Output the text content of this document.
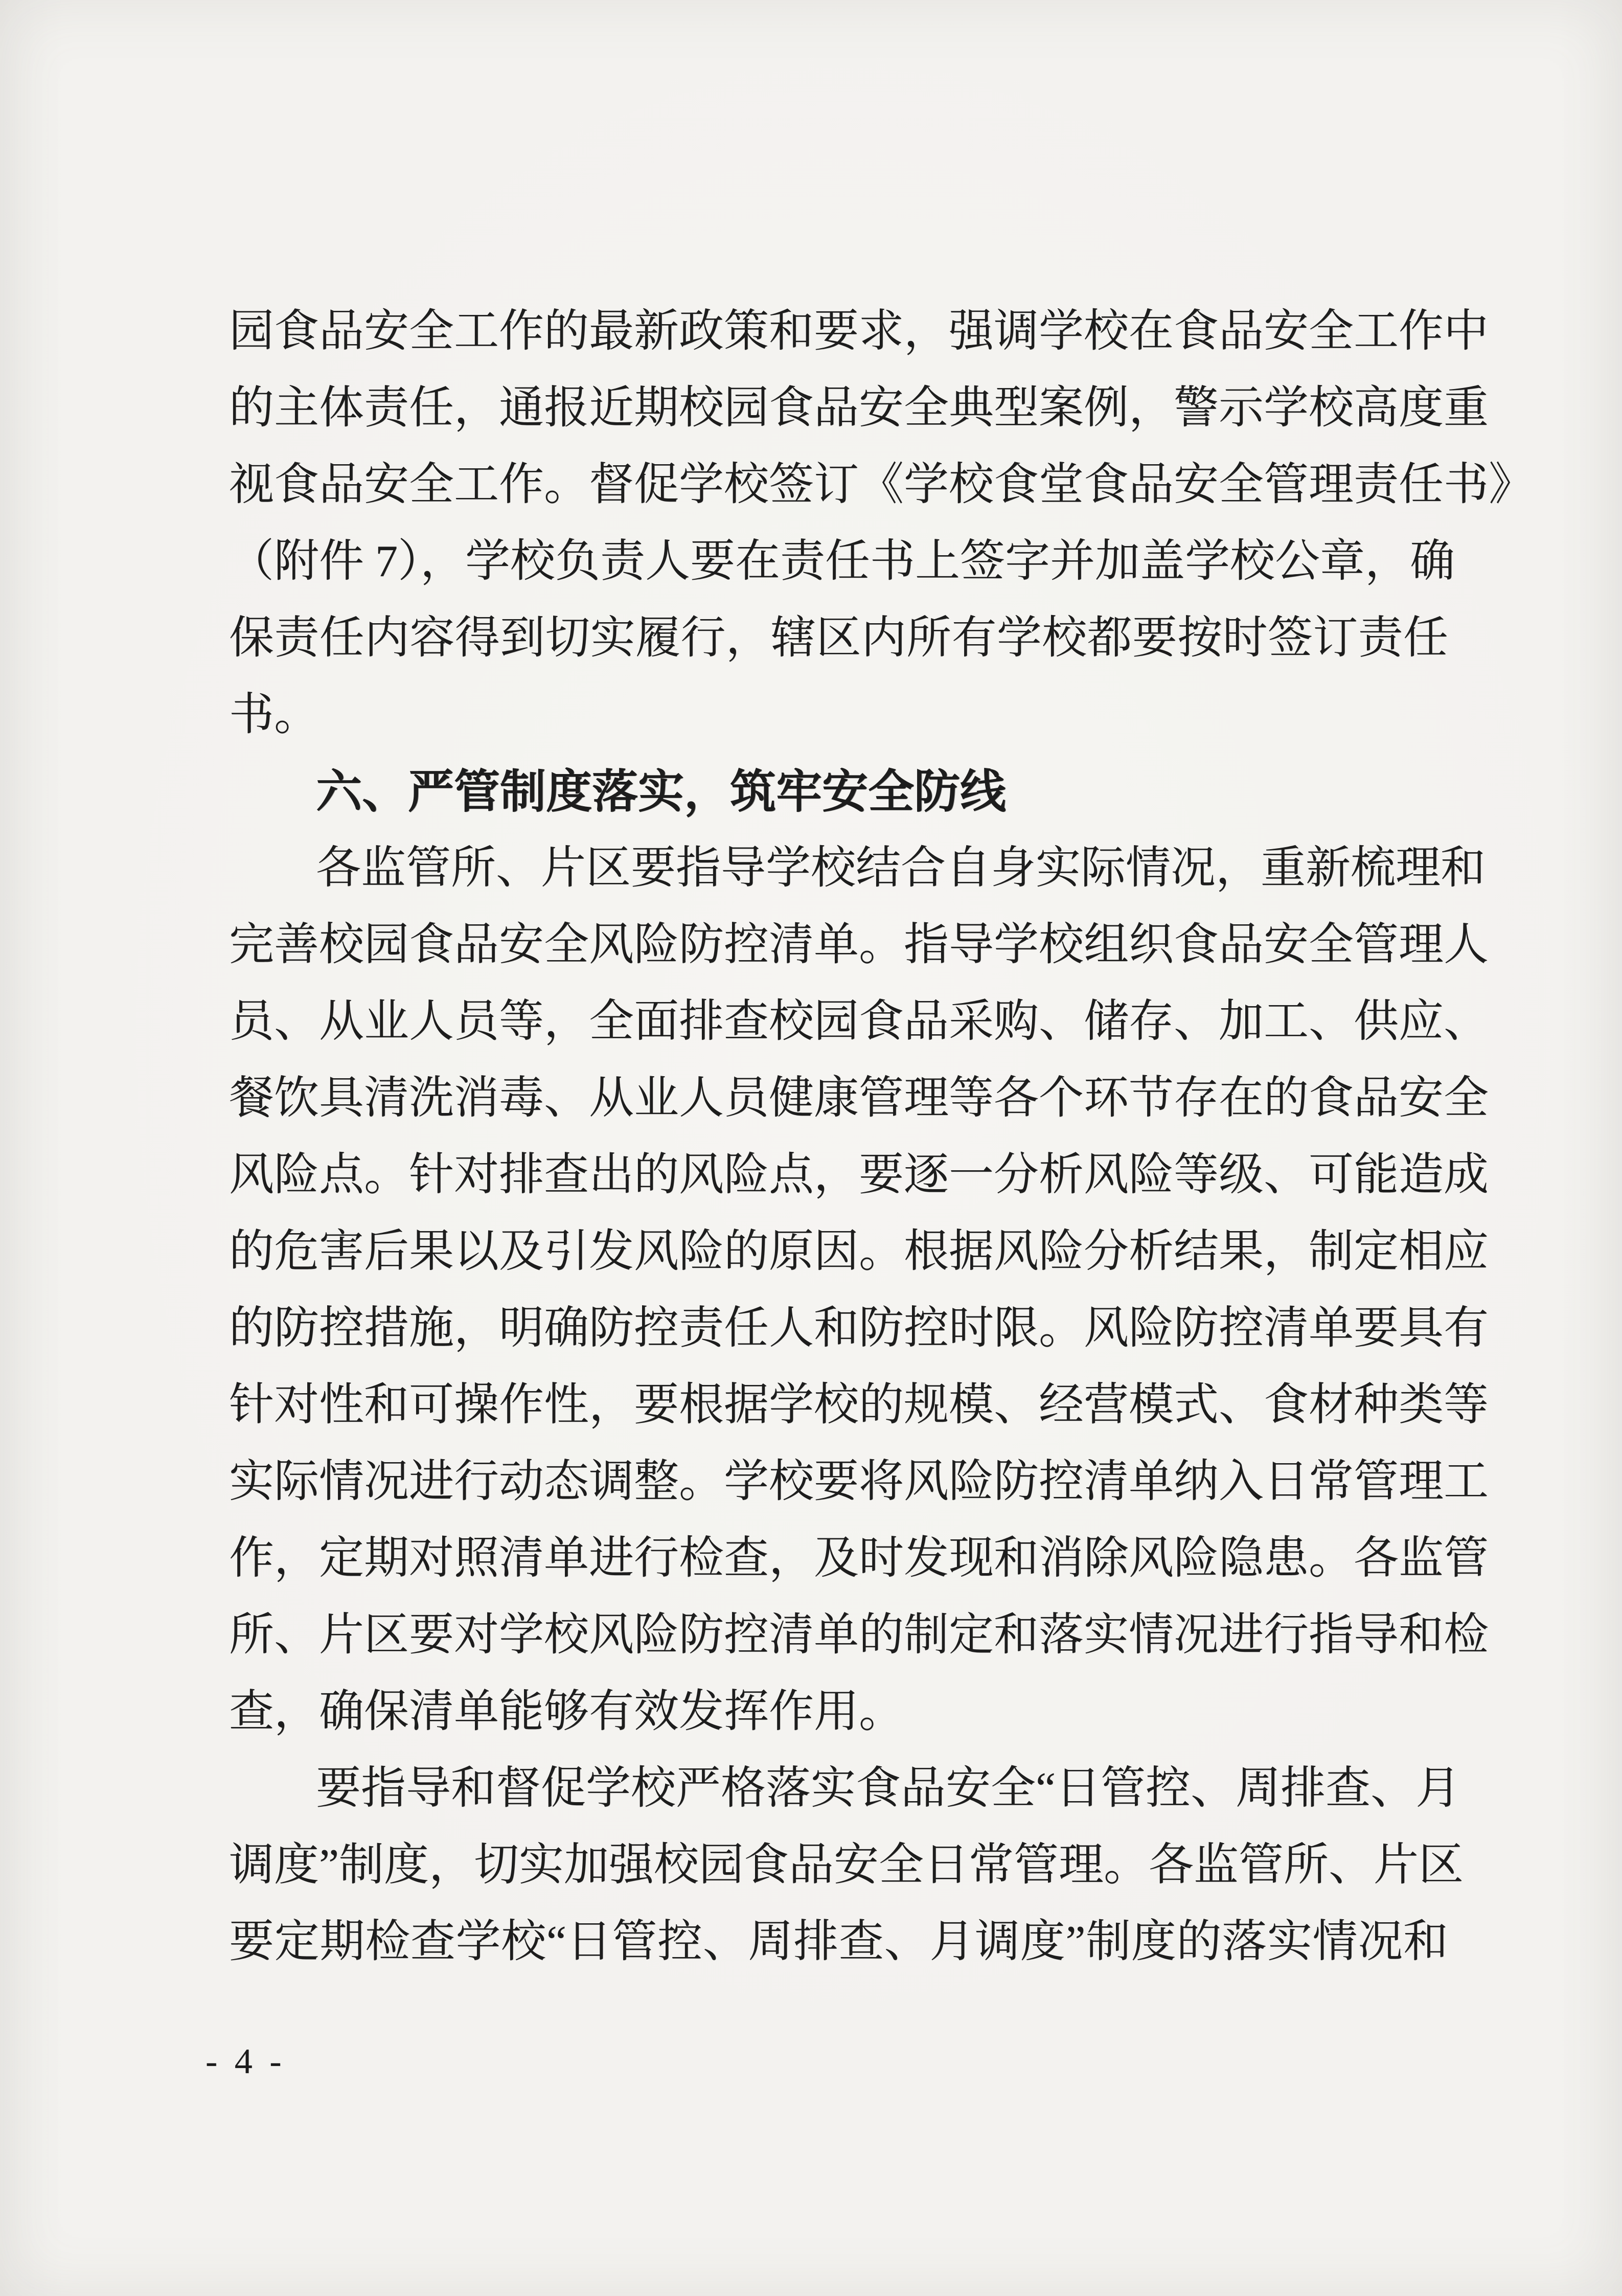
园食品安全工作的最新政策和要求，强调学校在食品安全工作中
的主体责任，通报近期校园食品安全典型案例，警示学校高度重
视食品安全工作。督促学校签订《学校食堂食品安全管理责任书》
（附件 7），学校负责人要在责任书上签字并加盖学校公章，确
保责任内容得到切实履行，辖区内所有学校都要按时签订责任
书。
六、严管制度落实，筑牢安全防线
各监管所、片区要指导学校结合自身实际情况，重新梳理和
完善校园食品安全风险防控清单。指导学校组织食品安全管理人
员、从业人员等，全面排查校园食品采购、储存、加工、供应、
餐饮具清洗消毒、从业人员健康管理等各个环节存在的食品安全
风险点。针对排查出的风险点，要逐一分析风险等级、可能造成
的危害后果以及引发风险的原因。根据风险分析结果，制定相应
的防控措施，明确防控责任人和防控时限。风险防控清单要具有
针对性和可操作性，要根据学校的规模、经营模式、食材种类等
实际情况进行动态调整。学校要将风险防控清单纳入日常管理工
作，定期对照清单进行检查，及时发现和消除风险隐患。各监管
所、片区要对学校风险防控清单的制定和落实情况进行指导和检
查，确保清单能够有效发挥作用。
要指导和督促学校严格落实食品安全“日管控、周排查、月
调度”制度，切实加强校园食品安全日常管理。各监管所、片区
要定期检查学校“日管控、周排查、月调度”制度的落实情况和
- 4 -
